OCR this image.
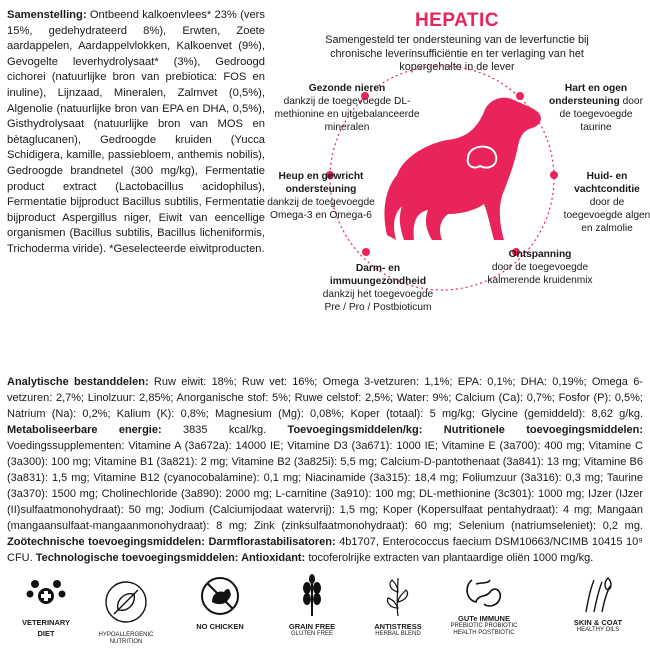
Samenstelling: Ontbeend kalkoenvlees* 23% (vers 15%, gedehydrateerd 8%), Erwten, Zoete aardappelen, Aardappelvlokken, Kalkoenvet (9%), Gevogelte leverhydrolysaat* (3%), Gedroogd cichorei (natuurlijke bron van prebiotica: FOS en inuline), Lijnzaad, Mineralen, Zalmvet (0,5%), Algenolie (natuurlijke bron van EPA en DHA, 0,5%), Gisthydrolysaat (natuurlijke bron van MOS en bètaglucanen), Gedroogde kruiden (Yucca Schidigera, kamille, passiebloem, anthemis nobilis), Gedroogde brandnetel (300 mg/kg), Fermentatie product extract (Lactobacillus acidophilus), Fermentatie bijproduct Bacillus subtilis, Fermentatie bijproduct Aspergillus niger, Eiwit van eencellige organismen (Bacillus subtilis, Bacillus licheniformis, Trichoderma viride). *Geselecteerde eiwitproducten.
HEPATIC
Samengesteld ter ondersteuning van de leverfunctie bij chronische leverinsufficiëntie en ter verlaging van het kopergehalte in de lever
Gezonde nieren
dankzij de toegevoegde DL-methionine en uitgebalanceerde mineralen
Hart en ogen ondersteuning door de toegevoegde taurine
Heup en gewricht ondersteuning
dankzij de toegevoegde Omega-3 en Omega-6
Huid- en vachtconditie
door de toegevoegde algen en zalmolie
Darm- en immuungezondheid
dankzij het toegevoegde Pre / Pro / Postbioticum
Ontspanning
door de toegevoegde kalmerende kruidenmix
Analytische bestanddelen: Ruw eiwit: 18%; Ruw vet: 16%; Omega 3-vetzuren: 1,1%; EPA: 0,1%; DHA: 0,19%; Omega 6-vetzuren: 2,7%; Linolzuur: 2,85%; Anorganische stof: 5%; Ruwe celstof: 2,5%; Water: 9%; Calcium (Ca): 0,7%; Fosfor (P): 0,5%; Natrium (Na): 0,2%; Kalium (K): 0,8%; Magnesium (Mg): 0,08%; Koper (totaal): 5 mg/kg; Glycine (gemiddeld): 8,62 g/kg. Metaboliseerbare energie: 3835 kcal/kg. Toevoegingsmiddelen/kg: Nutritionele toevoegingsmiddelen: Voedingssupplementen: Vitamine A (3a672a): 14000 IE; Vitamine D3 (3a671): 1000 IE; Vitamine E (3a700): 400 mg; Vitamine C (3a300): 100 mg; Vitamine B1 (3a821): 2 mg; Vitamine B2 (3a825i): 5,5 mg; Calcium-D-pantothenaat (3a841): 13 mg; Vitamine B6 (3a831): 1,5 mg; Vitamine B12 (cyanocobalamine): 0,1 mg; Niacinamide (3a315): 18,4 mg; Foliumzuur (3a316): 0,3 mg; Taurine (3a370): 1500 mg; Cholinechloride (3a890): 2000 mg; L-carnitine (3a910): 100 mg; DL-methionine (3c301): 1000 mg; IJzer (IJzer (II)sulfaatmonohydraat): 50 mg; Jodium (Calciumjodaat watervrij): 1,5 mg; Koper (Kopersulfaat pentahydraat): 4 mg; Mangaan (mangaansulfaat-mangaanmonohydraat): 8 mg; Zink (zinksulfaatmonohydraat): 60 mg; Selenium (natriumseleniet): 0,2 mg. Zoötechnische toevoegingsmiddelen: Darmflorastabilisatoren: 4b1707, Enterococcus faecium DSM10663/NCIMB 10415 10⁹ CFU. Technologische toevoegingsmiddelen: Antioxidant: tocoferolrijke extracten van plantaardige oliën 1000 mg/kg.
VETERINARY
DIET	HYPOALLERGENIC
NUTRITION
NO CHICKEN	GRAIN FREE
GLUTEN FREE
ANTISTRESS
HERBAL BLEND
GUTe IMMUNE
PREBIOTIC PROBIOTIC HEALTH POSTBIOTIC
SKIN & COAT
HEALTHY OILS
